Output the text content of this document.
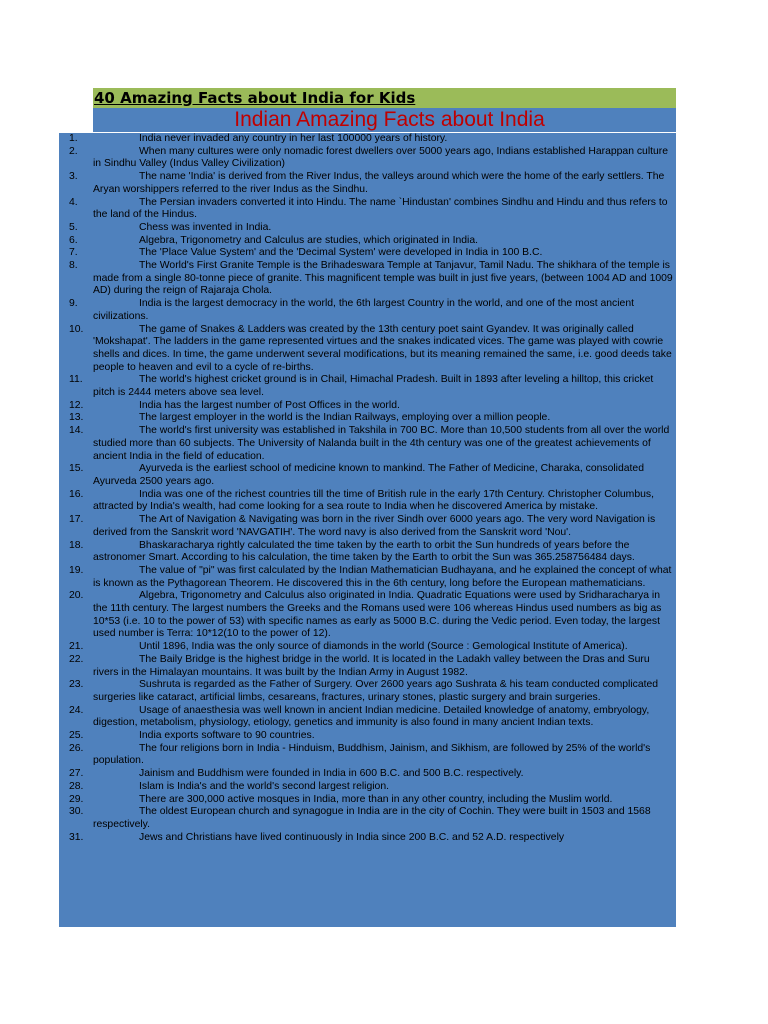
40 Amazing Facts about India for Kids
Indian Amazing Facts about India
1.	India never invaded any country in her last 100000 years of history.
2.	When many cultures were only nomadic forest dwellers over 5000 years ago, Indians established Harappan culture in Sindhu Valley (Indus Valley Civilization)
3.	The name 'India' is derived from the River Indus, the valleys around which were the home of the early settlers. The Aryan worshippers referred to the river Indus as the Sindhu.
4.	The Persian invaders converted it into Hindu. The name `Hindustan' combines Sindhu and Hindu and thus refers to the land of the Hindus.
5.	Chess was invented in India.
6.	Algebra, Trigonometry and Calculus are studies, which originated in India.
7.	The 'Place Value System' and the 'Decimal System' were developed in India in 100 B.C.
8.	The World's First Granite Temple is the Brihadeswara Temple at Tanjavur, Tamil Nadu. The shikhara of the temple is made from a single 80-tonne piece of granite. This magnificent temple was built in just five years, (between 1004 AD and 1009 AD) during the reign of Rajaraja Chola.
9.	India is the largest democracy in the world, the 6th largest Country in the world, and one of the most ancient civilizations.
10.	The game of Snakes & Ladders was created by the 13th century poet saint Gyandev. It was originally called 'Mokshapat'. The ladders in the game represented virtues and the snakes indicated vices. The game was played with cowrie shells and dices. In time, the game underwent several modifications, but its meaning remained the same, i.e. good deeds take people to heaven and evil to a cycle of re-births.
11.	The world's highest cricket ground is in Chail, Himachal Pradesh. Built in 1893 after leveling a hilltop, this cricket pitch is 2444 meters above sea level.
12.	India has the largest number of Post Offices in the world.
13.	The largest employer in the world is the Indian Railways, employing over a million people.
14.	The world's first university was established in Takshila in 700 BC. More than 10,500 students from all over the world studied more than 60 subjects. The University of Nalanda built in the 4th century was one of the greatest achievements of ancient India in the field of education.
15.	Ayurveda is the earliest school of medicine known to mankind. The Father of Medicine, Charaka, consolidated Ayurveda 2500 years ago.
16.	India was one of the richest countries till the time of British rule in the early 17th Century. Christopher Columbus, attracted by India's wealth, had come looking for a sea route to India when he discovered America by mistake.
17.	The Art of Navigation & Navigating was born in the river Sindh over 6000 years ago. The very word Navigation is derived from the Sanskrit word 'NAVGATIH'. The word navy is also derived from the Sanskrit word 'Nou'.
18.	Bhaskaracharya rightly calculated the time taken by the earth to orbit the Sun hundreds of years before the astronomer Smart. According to his calculation, the time taken by the Earth to orbit the Sun was 365.258756484 days.
19.	The value of "pi" was first calculated by the Indian Mathematician Budhayana, and he explained the concept of what is known as the Pythagorean Theorem. He discovered this in the 6th century, long before the European mathematicians.
20.	Algebra, Trigonometry and Calculus also originated in India. Quadratic Equations were used by Sridharacharya in the 11th century. The largest numbers the Greeks and the Romans used were 106 whereas Hindus used numbers as big as 10*53 (i.e. 10 to the power of 53) with specific names as early as 5000 B.C. during the Vedic period. Even today, the largest used number is Terra: 10*12(10 to the power of 12).
21.	Until 1896, India was the only source of diamonds in the world (Source : Gemological Institute of America).
22.	The Baily Bridge is the highest bridge in the world. It is located in the Ladakh valley between the Dras and Suru rivers in the Himalayan mountains. It was built by the Indian Army in August 1982.
23.	Sushruta is regarded as the Father of Surgery. Over 2600 years ago Sushrata & his team conducted complicated surgeries like cataract, artificial limbs, cesareans, fractures, urinary stones, plastic surgery and brain surgeries.
24.	Usage of anaesthesia was well known in ancient Indian medicine. Detailed knowledge of anatomy, embryology, digestion, metabolism, physiology, etiology, genetics and immunity is also found in many ancient Indian texts.
25.	India exports software to 90 countries.
26.	The four religions born in India - Hinduism, Buddhism, Jainism, and Sikhism, are followed by 25% of the world's population.
27.	Jainism and Buddhism were founded in India in 600 B.C. and 500 B.C. respectively.
28.	Islam is India's and the world's second largest religion.
29.	There are 300,000 active mosques in India, more than in any other country, including the Muslim world.
30.	The oldest European church and synagogue in India are in the city of Cochin. They were built in 1503 and 1568 respectively.
31.	Jews and Christians have lived continuously in India since 200 B.C. and 52 A.D. respectively
